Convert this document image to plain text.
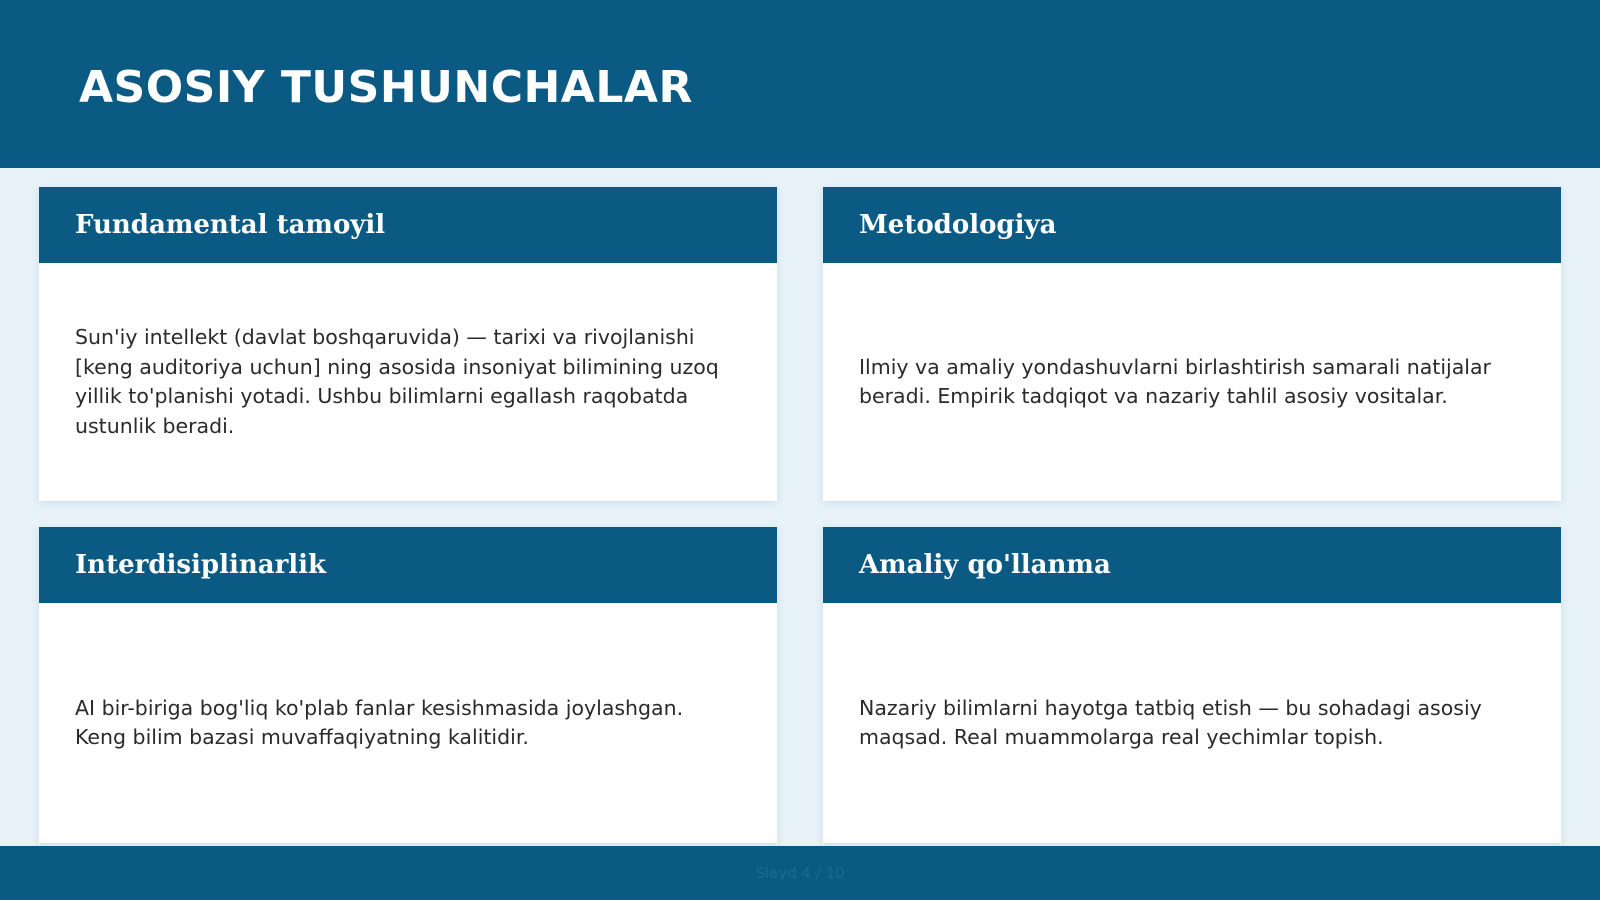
ASOSIY TUSHUNCHALAR
Fundamental tamoyil

Sun'iy intellekt (davlat boshqaruvida) — tarixi va rivojlanishi [keng auditoriya uchun] ning asosida insoniyat bilimining uzoq yillik to'planishi yotadi. Ushbu bilimlarni egallash raqobatda ustunlik beradi.

Metodologiya

Ilmiy va amaliy yondashuvlarni birlashtirish samarali natijalar beradi. Empirik tadqiqot va nazariy tahlil asosiy vositalar.

Interdisiplinarlik

AI bir-biriga bog'liq ko'plab fanlar kesishmasida joylashgan. Keng bilim bazasi muvaffaqiyatning kalitidir.

Amaliy qo'llanma

Nazariy bilimlarni hayotga tatbiq etish — bu sohadagi asosiy maqsad. Real muammolarga real yechimlar topish.

Slayd 4 / 10
